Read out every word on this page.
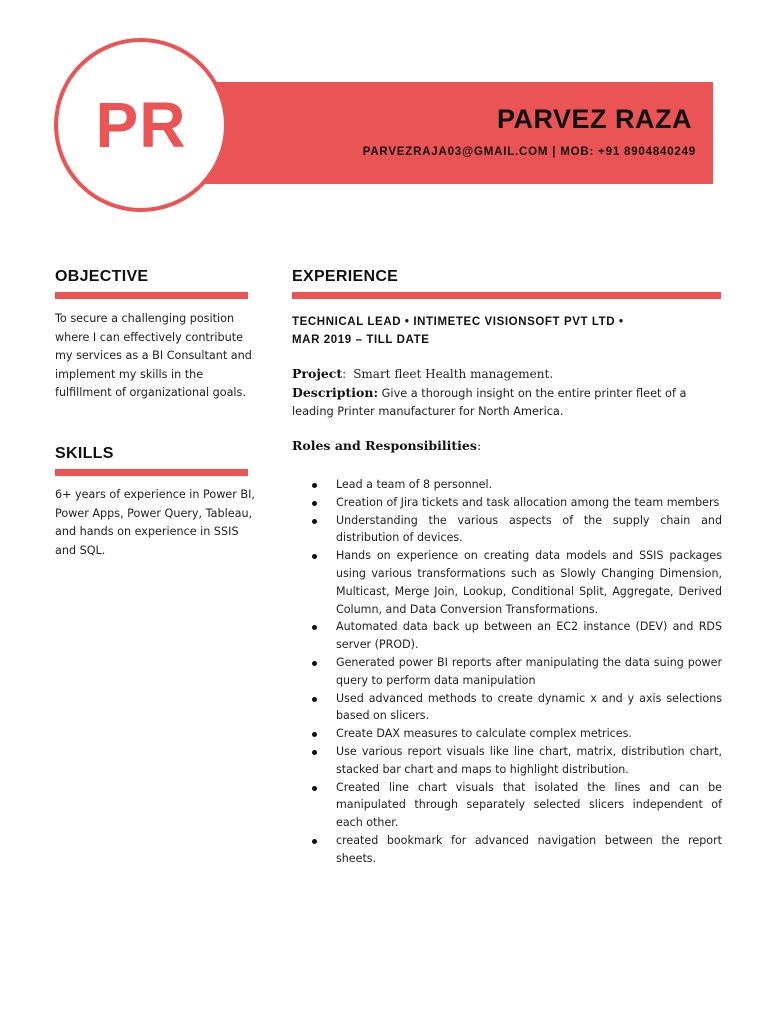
PR	PARVEZ RAZA
PARVEZRAJA03@GMAIL.COM | MOB: +91 8904840249
OBJECTIVE
To secure a challenging position where I can effectively contribute my services as a BI Consultant and implement my skills in the fulfillment of organizational goals.
SKILLS
6+ years of experience in Power BI, Power Apps, Power Query, Tableau, and hands on experience in SSIS and SQL.
EXPERIENCE
TECHNICAL LEAD • INTIMETEC VISIONSOFT PVT LTD •
MAR 2019 – TILL DATE
Project:  Smart fleet Health management.
Description: Give a thorough insight on the entire printer fleet of a leading Printer manufacturer for North America.
Roles and Responsibilities:
Lead a team of 8 personnel.
Creation of Jira tickets and task allocation among the team members
Understanding the various aspects of the supply chain and distribution of devices.
Hands on experience on creating data models and SSIS packages using various transformations such as Slowly Changing Dimension, Multicast, Merge Join, Lookup, Conditional Split, Aggregate, Derived Column, and Data Conversion Transformations.
Automated data back up between an EC2 instance (DEV) and RDS server (PROD).
Generated power BI reports after manipulating the data suing power query to perform data manipulation
Used advanced methods to create dynamic x and y axis selections based on slicers.
Create DAX measures to calculate complex metrices.
Use various report visuals like line chart, matrix, distribution chart, stacked bar chart and maps to highlight distribution.
Created line chart visuals that isolated the lines and can be manipulated through separately selected slicers independent of each other.
created bookmark for advanced navigation between the report sheets.
